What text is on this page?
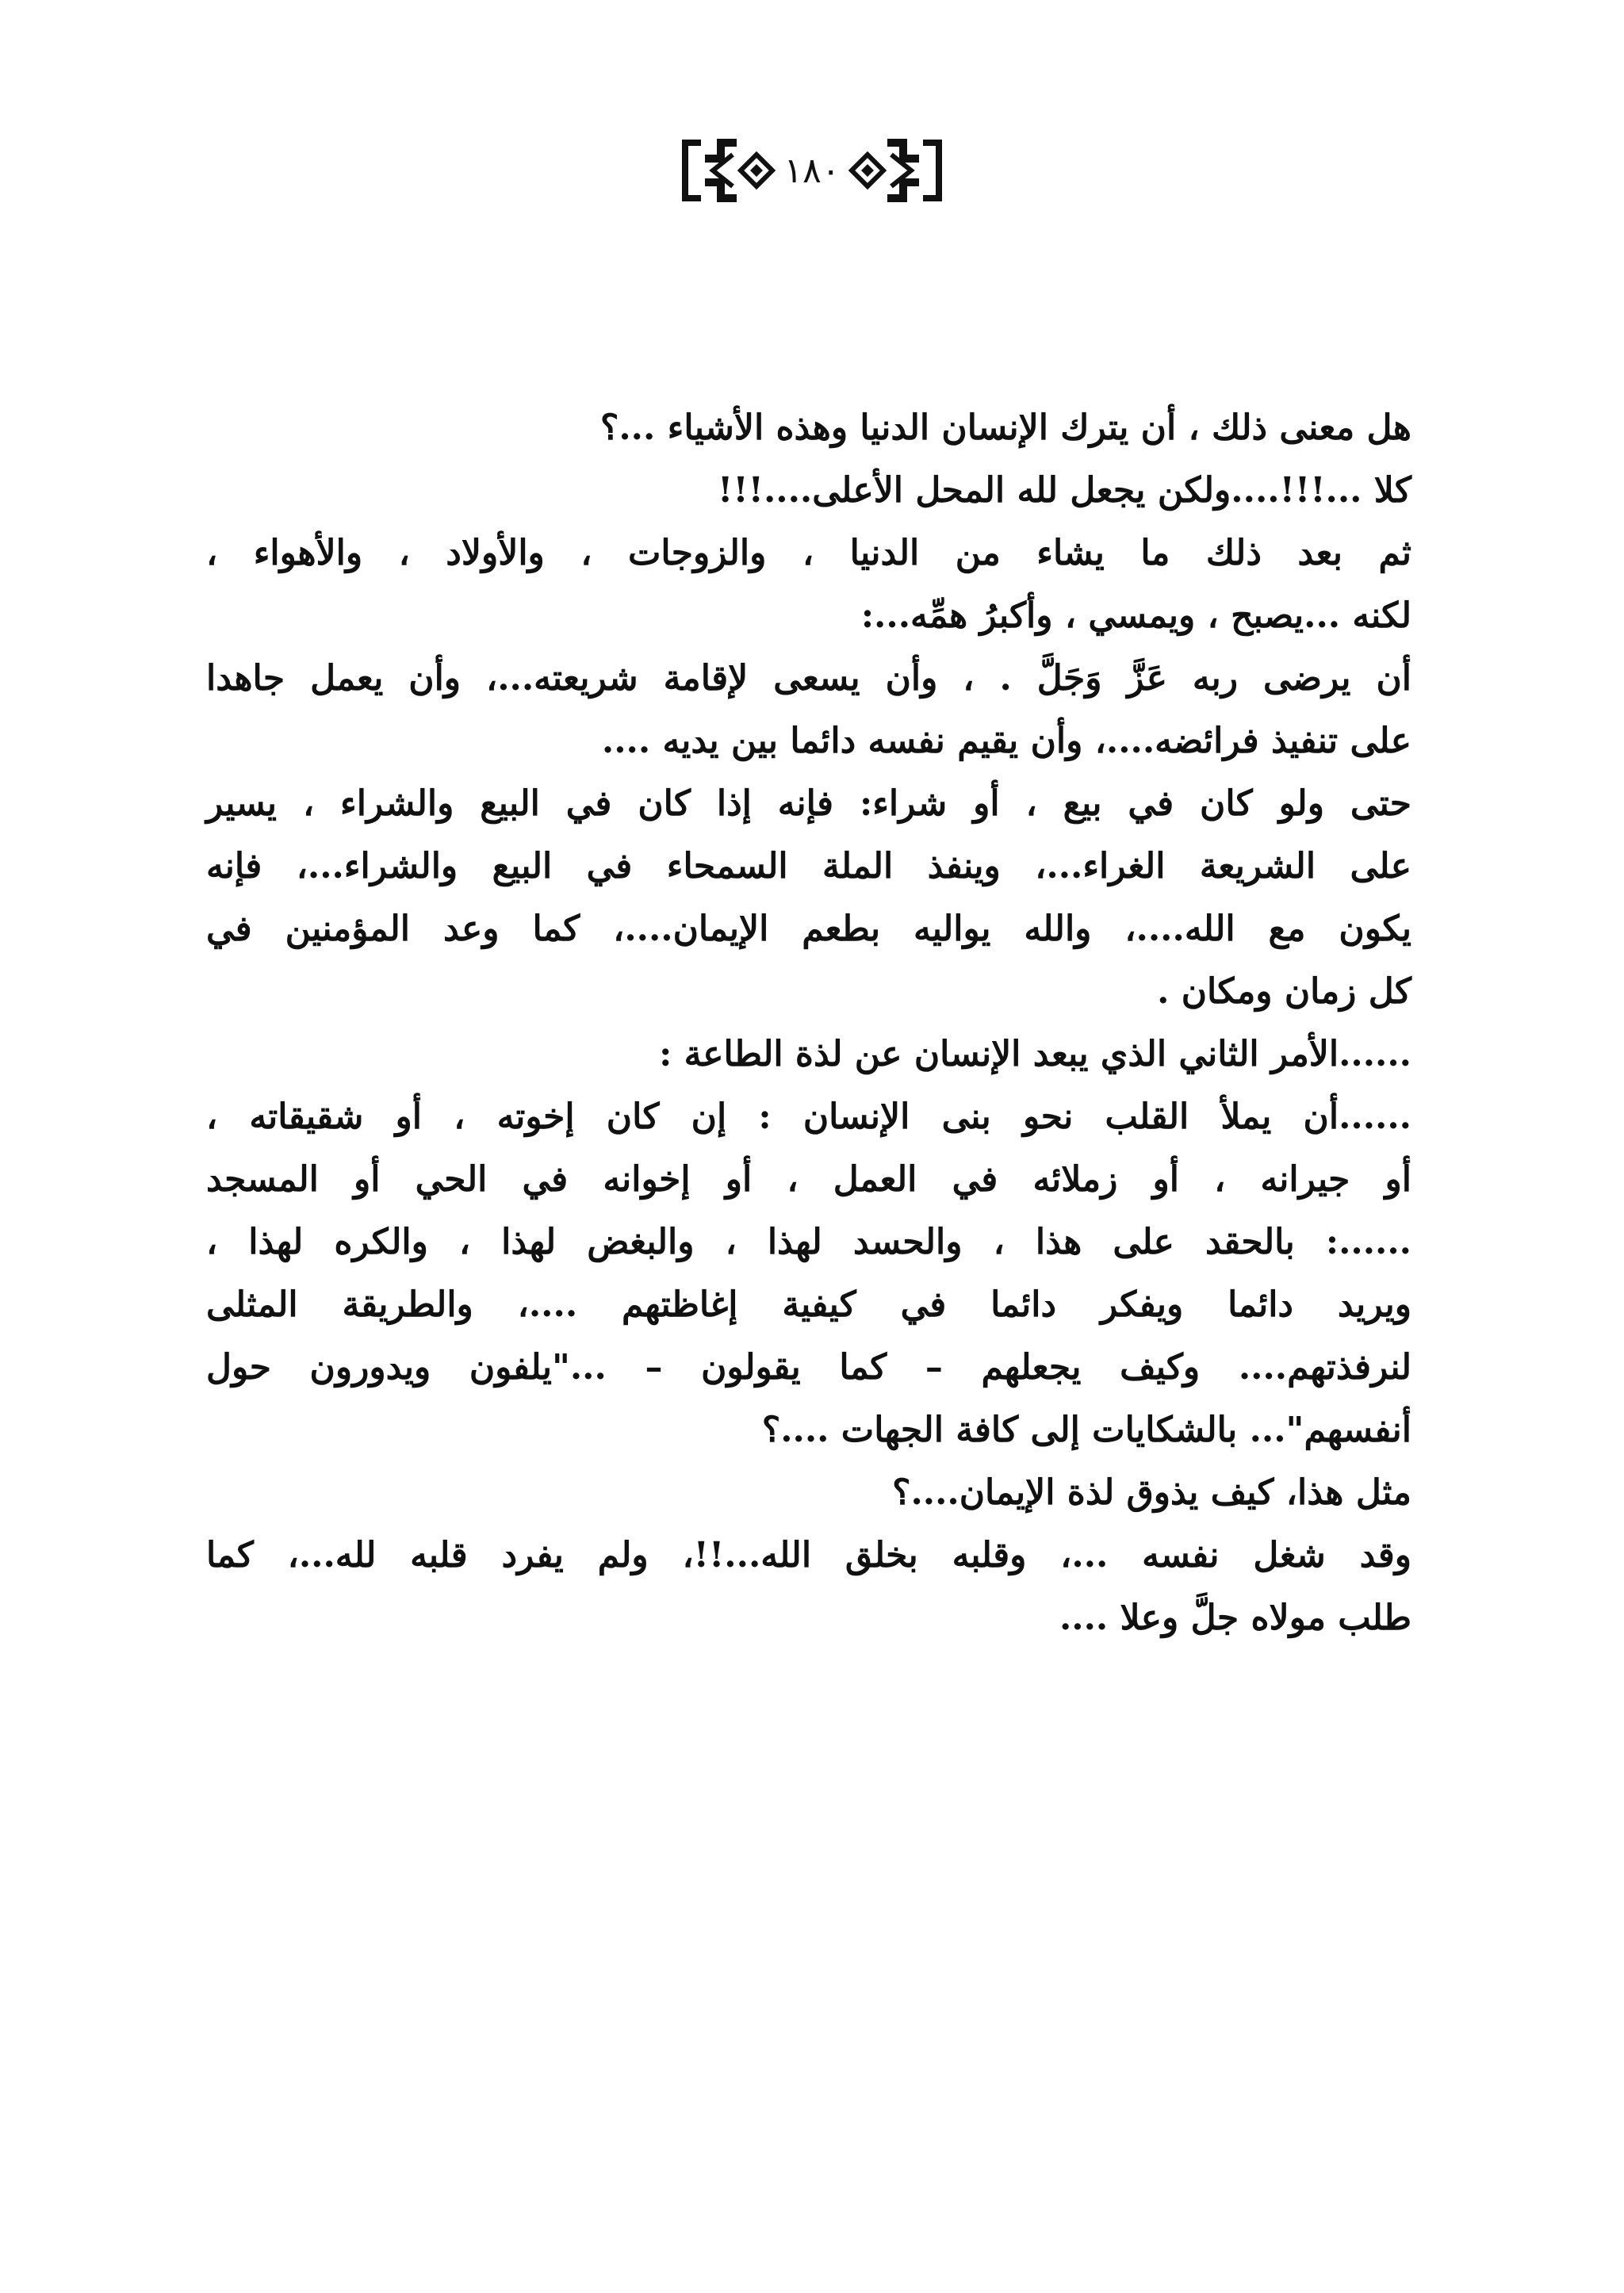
١٨٠
هل معنى ذلك ، أن يترك الإنسان الدنيا وهذه الأشياء ...؟
كلا ...!!!....ولكن يجعل لله المحل الأعلى....!!!
ثم بعد ذلك ما يشاء من الدنيا ، والزوجات ، والأولاد ، والأهواء ،
لكنه ...يصبح ، ويمسي ، وأكبرُ همِّه...:
أن يرضى ربه عَزَّ وَجَلَّ . ، وأن يسعى لإقامة شريعته...، وأن يعمل جاهدا
على تنفيذ فرائضه....، وأن يقيم نفسه دائما بين يديه ....
حتى ولو كان في بيع ، أو شراء: فإنه إذا كان في البيع والشراء ، يسير
على الشريعة الغراء...، وينفذ الملة السمحاء في البيع والشراء...، فإنه
يكون مع الله....، والله يواليه بطعم الإيمان....، كما وعد المؤمنين في
كل زمان ومكان .
......الأمر الثاني الذي يبعد الإنسان عن لذة الطاعة :
......أن يملأ القلب نحو بنى الإنسان : إن كان إخوته ، أو شقيقاته ،
أو جيرانه ، أو زملائه في العمل ، أو إخوانه في الحي أو المسجد
......: بالحقد على هذا ، والحسد لهذا ، والبغض لهذا ، والكره لهذا ،
ويريد دائما ويفكر دائما في كيفية إغاظتهم ....، والطريقة المثلى
لنرفذتهم.... وكيف يجعلهم – كما يقولون – ..."يلفون ويدورون حول
أنفسهم"... بالشكايات إلى كافة الجهات ....؟
مثل هذا، كيف يذوق لذة الإيمان....؟
وقد شغل نفسه ...، وقلبه بخلق الله...!!، ولم يفرد قلبه لله...، كما
طلب مولاه جلَّ وعلا ....
